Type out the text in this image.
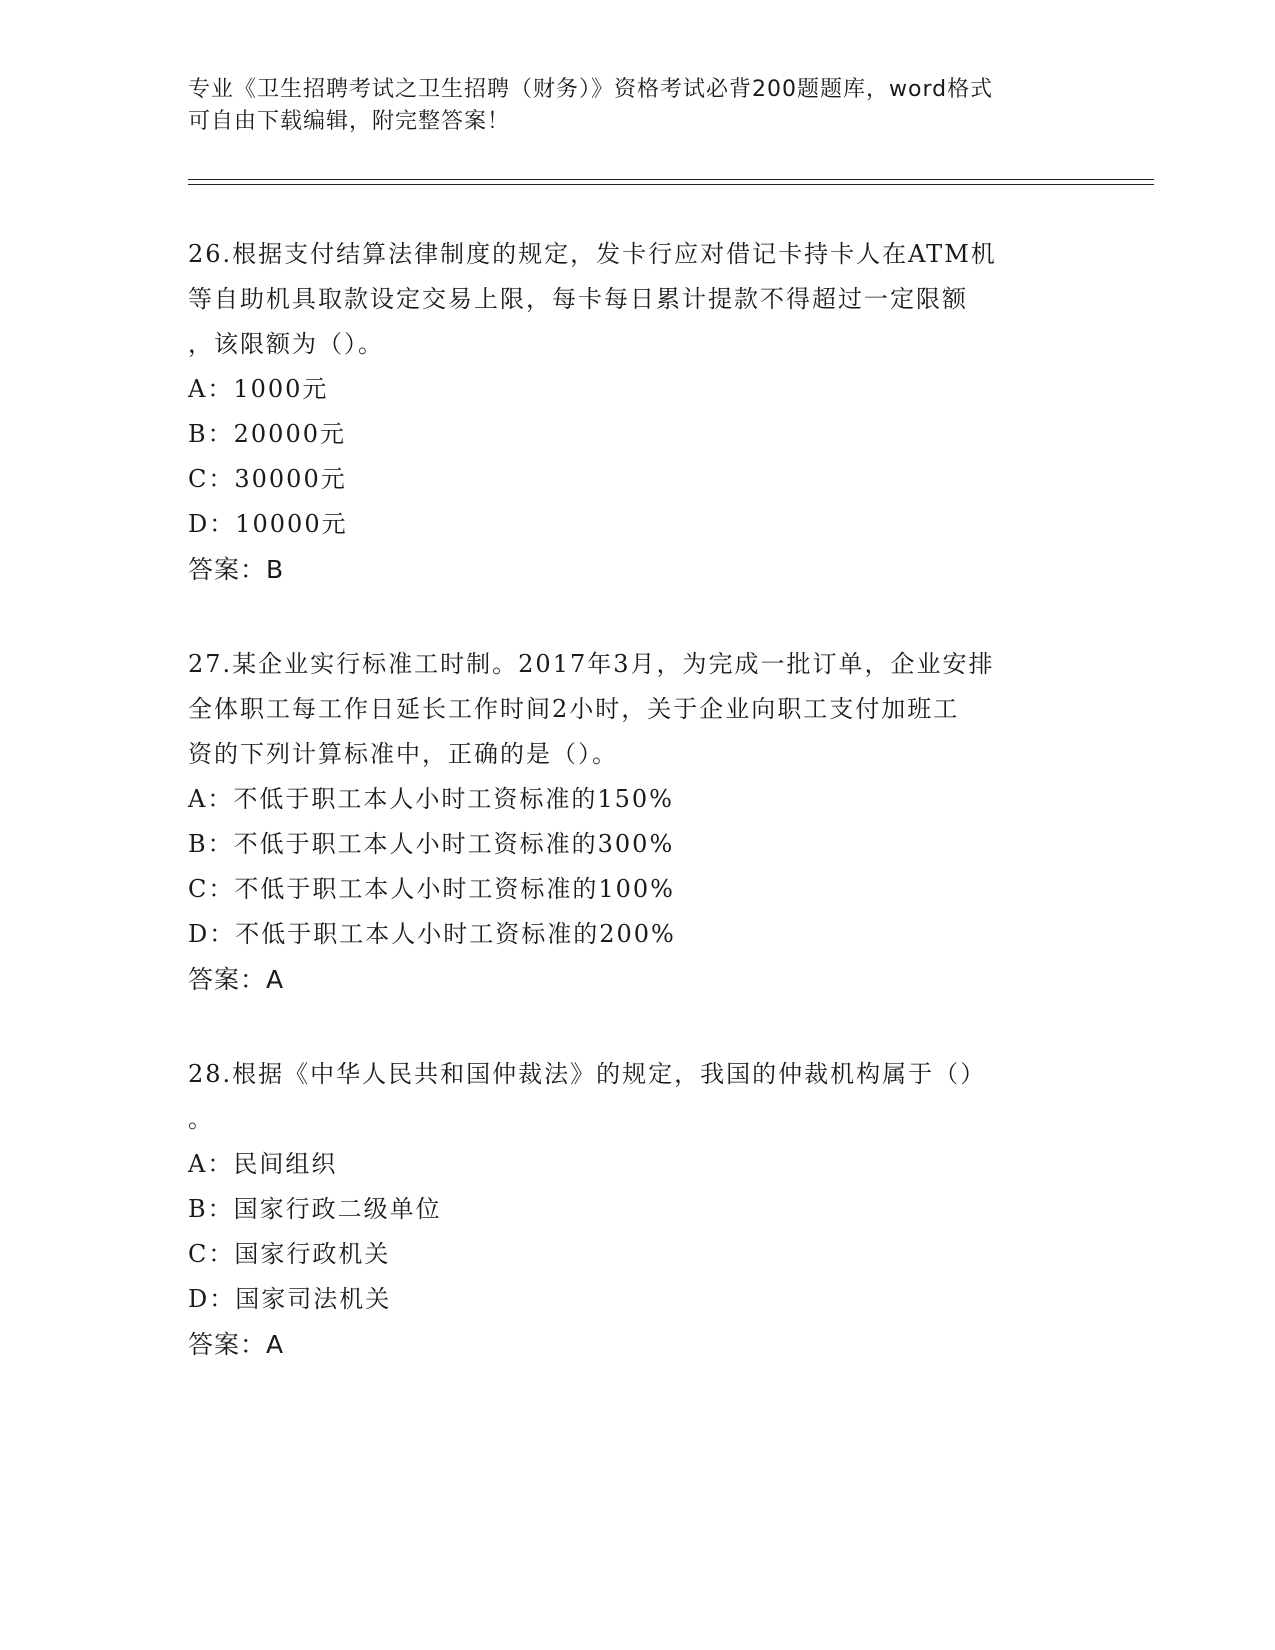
专业《卫生招聘考试之卫生招聘（财务）》资格考试必背200题题库，word格式
可自由下载编辑，附完整答案！
26.根据支付结算法律制度的规定，发卡行应对借记卡持卡人在ATM机
等自助机具取款设定交易上限，每卡每日累计提款不得超过一定限额
，该限额为（）。
A：1000元
B：20000元
C：30000元
D：10000元
答案：B
27.某企业实行标准工时制。2017年3月，为完成一批订单，企业安排
全体职工每工作日延长工作时间2小时，关于企业向职工支付加班工
资的下列计算标准中，正确的是（）。
A：不低于职工本人小时工资标准的150%
B：不低于职工本人小时工资标准的300%
C：不低于职工本人小时工资标准的100%
D：不低于职工本人小时工资标准的200%
答案：A
28.根据《中华人民共和国仲裁法》的规定，我国的仲裁机构属于（）
。
A：民间组织
B：国家行政二级单位
C：国家行政机关
D：国家司法机关
答案：A
